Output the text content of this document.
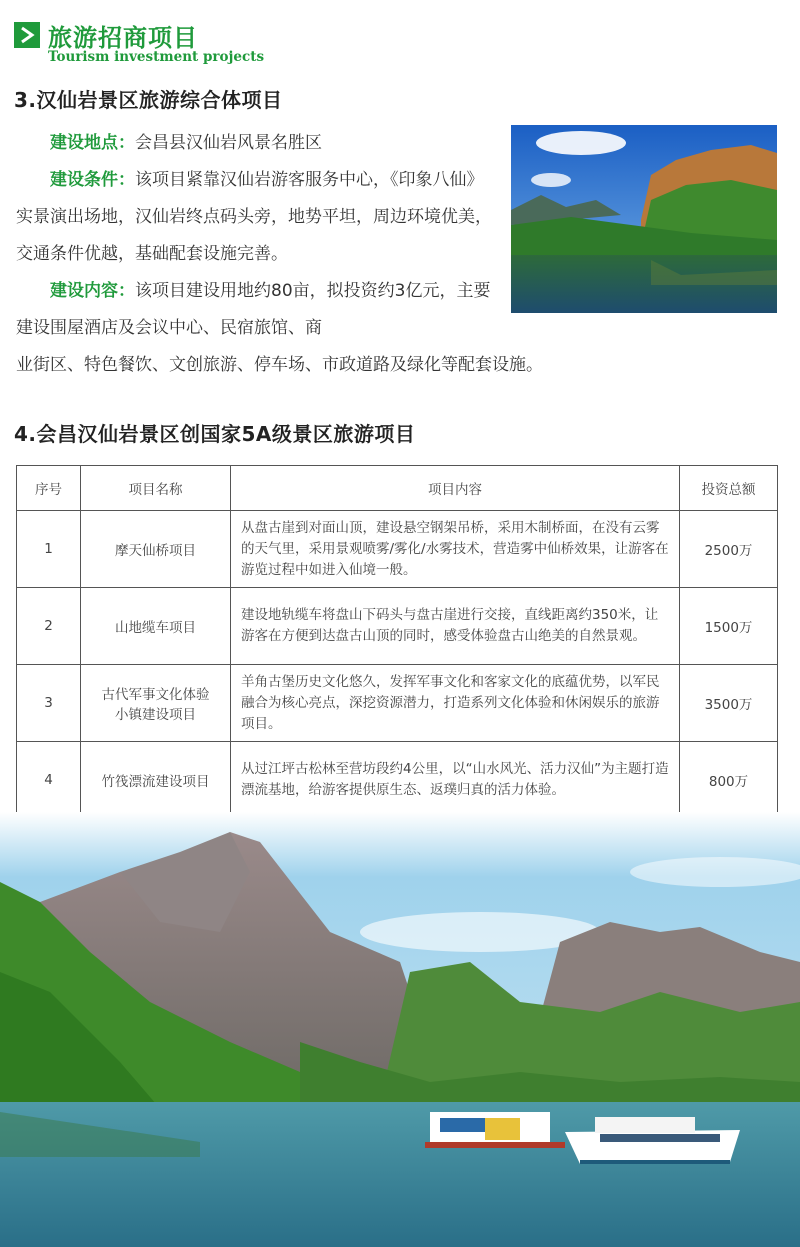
旅游招商项目
Tourism investment projects
3.汉仙岩景区旅游综合体项目

建设地点：会昌县汉仙岩风景名胜区

建设条件：该项目紧靠汉仙岩游客服务中心，《印象八仙》实景演出场地，汉仙岩终点码头旁，地势平坦，周边环境优美，交通条件优越，基础配套设施完善。

建设内容：该项目建设用地约80亩，拟投资约3亿元，主要建设围屋酒店及会议中心、民宿旅馆、商

业街区、特色餐饮、文创旅游、停车场、市政道路及绿化等配套设施。
4.会昌汉仙岩景区创国家5A级景区旅游项目
序号	项目名称	项目内容	投资总额
1	摩天仙桥项目	从盘古崖到对面山顶，建设悬空钢架吊桥，采用木制桥面，在没有云雾的天气里，采用景观喷雾/雾化/水雾技术，营造雾中仙桥效果，让游客在游览过程中如进入仙境一般。	2500万
2	山地缆车项目	建设地轨缆车将盘山下码头与盘古崖进行交接，直线距离约350米，让游客在方便到达盘古山顶的同时，感受体验盘古山绝美的自然景观。	1500万
3	古代军事文化体验小镇建设项目	羊角古堡历史文化悠久，发挥军事文化和客家文化的底蕴优势，以军民融合为核心亮点，深挖资源潜力，打造系列文化体验和休闲娱乐的旅游项目。	3500万
4	竹筏漂流建设项目	从过江坪古松林至营坊段约4公里，以“山水风光、活力汉仙”为主题打造漂流基地，给游客提供原生态、返璞归真的活力体验。	800万
